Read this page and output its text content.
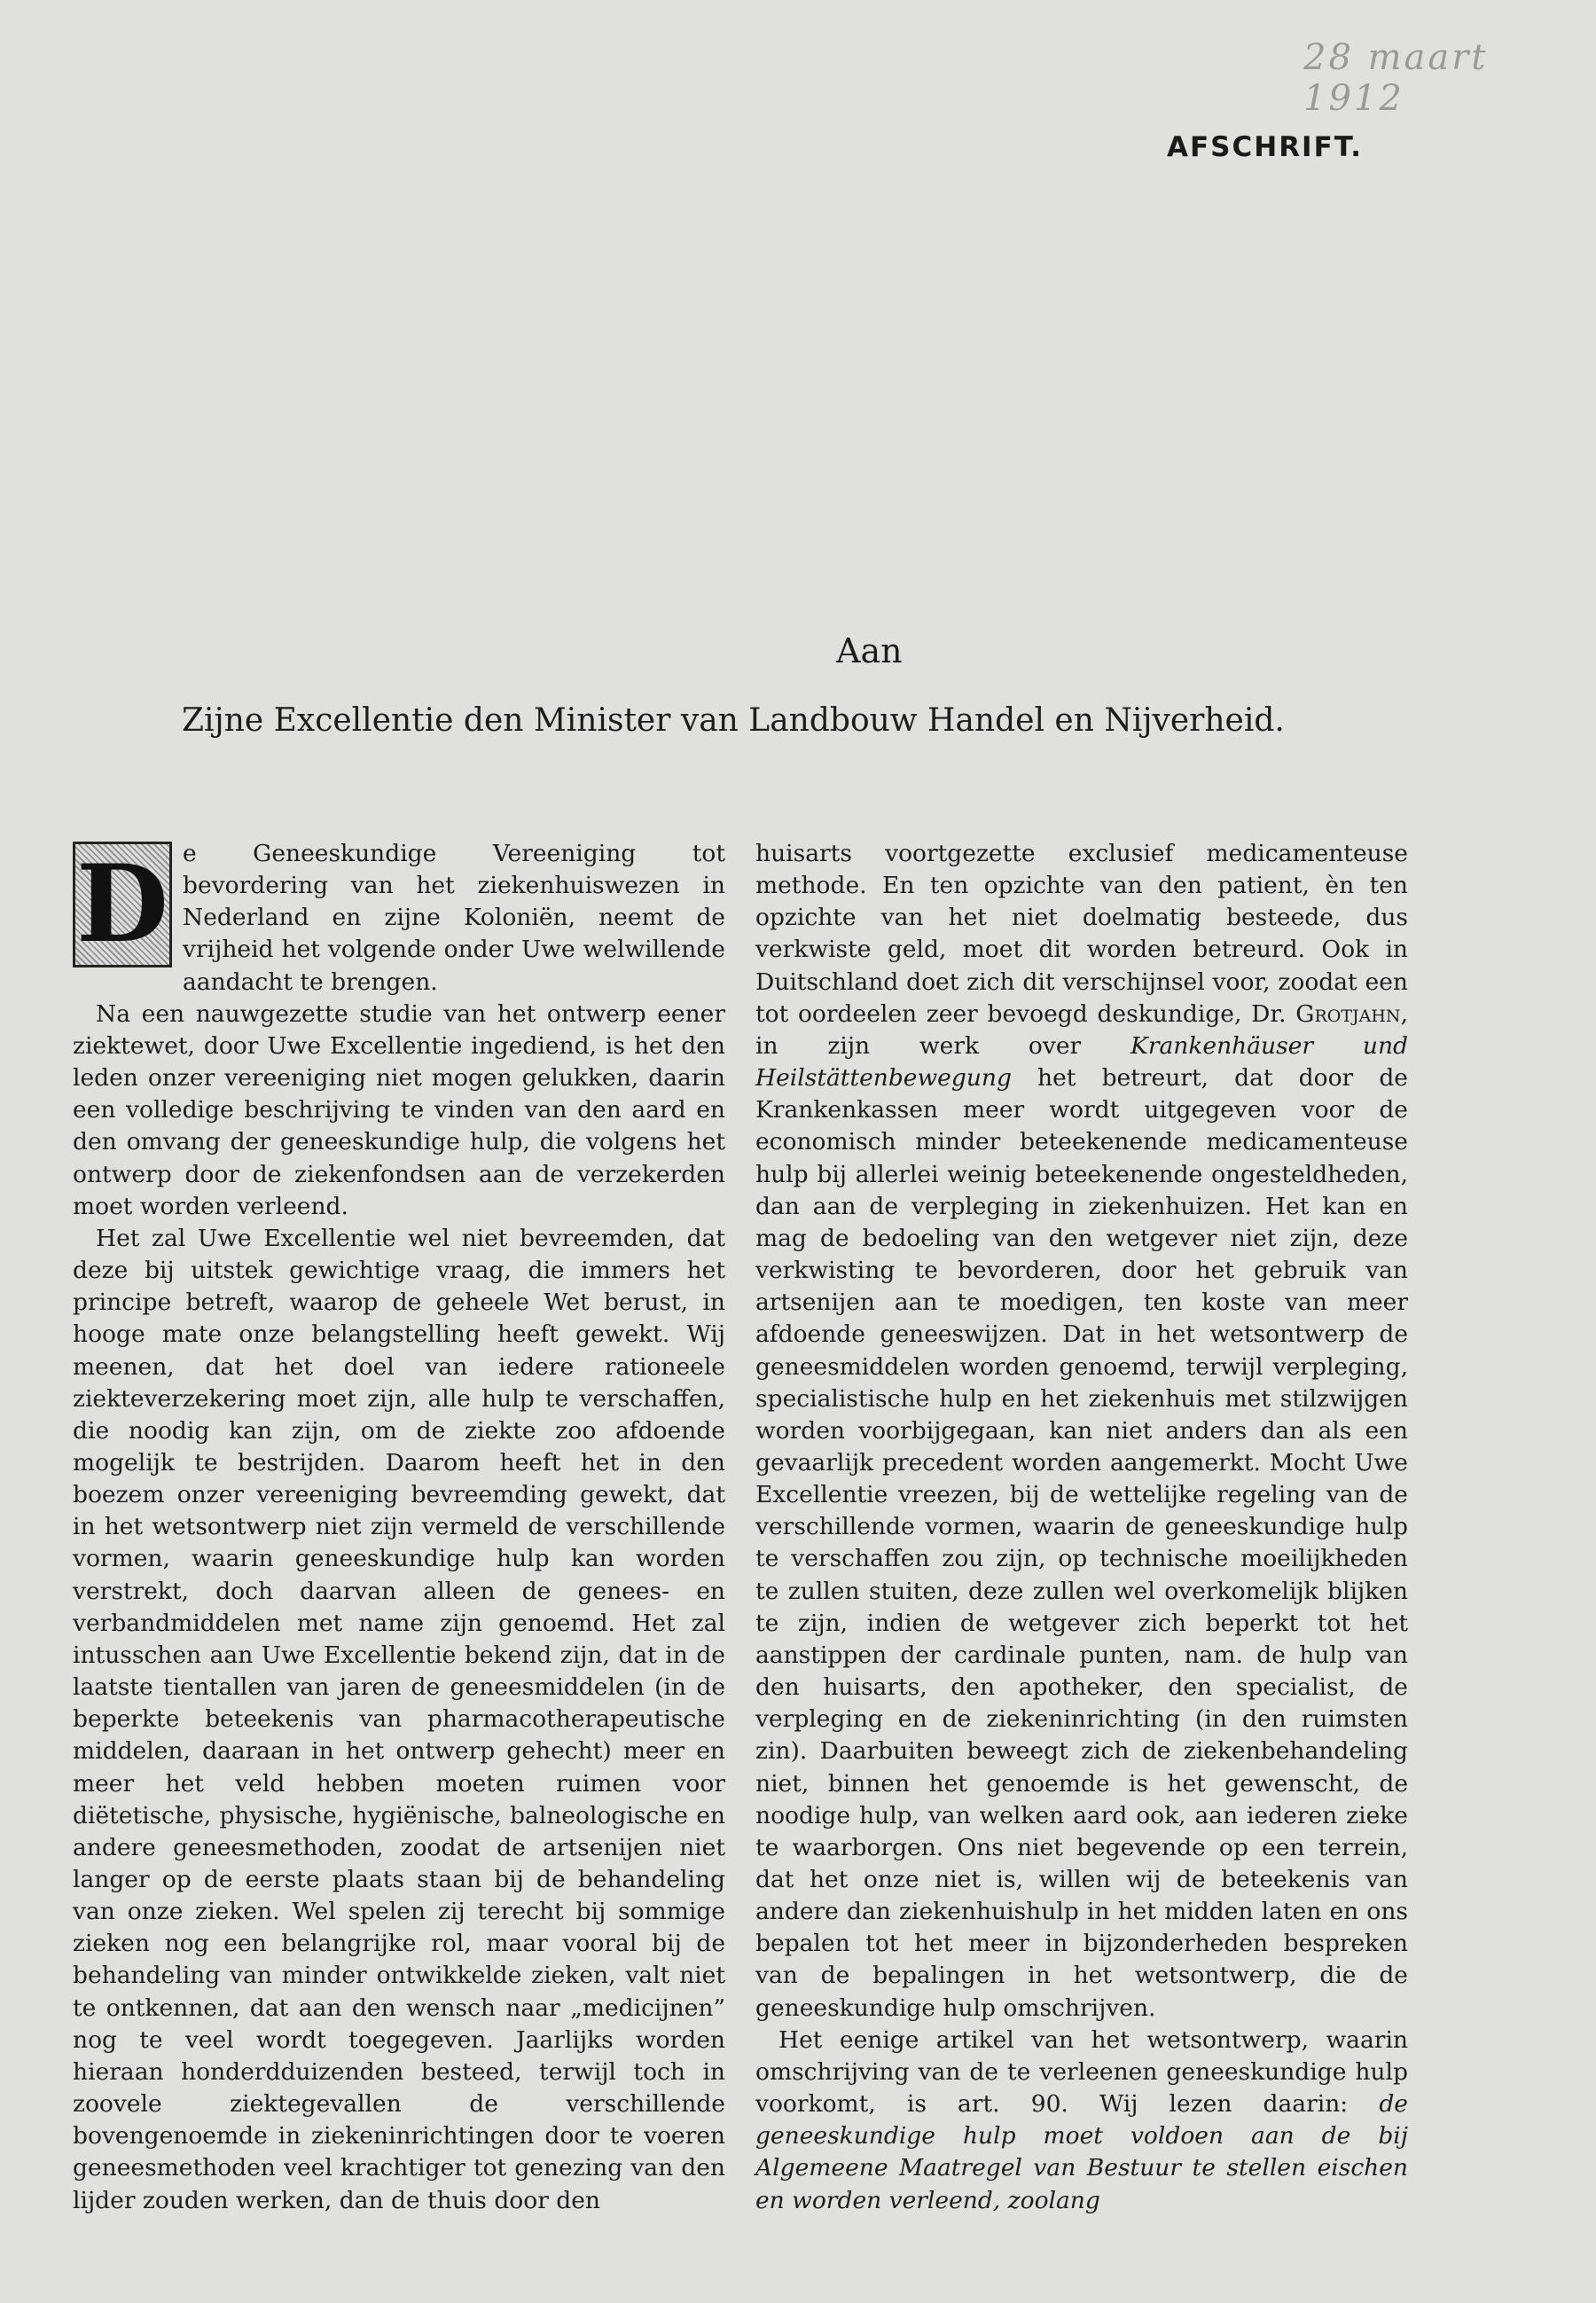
28 maart 1912
AFSCHRIFT.
Aan
Zijne Excellentie den Minister van Landbouw Handel en Nijverheid.

D e Geneeskundige Vereeniging tot bevordering van het ziekenhuiswezen in Nederland en zijne Koloniën, neemt de vrijheid het volgende onder Uwe welwillende aandacht te brengen.

Na een nauwgezette studie van het ontwerp eener ziektewet, door Uwe Excellentie ingediend, is het den leden onzer vereeniging niet mogen gelukken, daarin een volledige beschrijving te vinden van den aard en den omvang der geneeskundige hulp, die volgens het ontwerp door de ziekenfondsen aan de verzekerden moet worden verleend.

Het zal Uwe Excellentie wel niet bevreemden, dat deze bij uitstek gewichtige vraag, die immers het principe betreft, waarop de geheele Wet berust, in hooge mate onze belangstelling heeft gewekt. Wij meenen, dat het doel van iedere rationeele ziekteverzekering moet zijn, alle hulp te verschaffen, die noodig kan zijn, om de ziekte zoo afdoende mogelijk te bestrijden. Daarom heeft het in den boezem onzer vereeniging bevreemding gewekt, dat in het wetsontwerp niet zijn vermeld de verschillende vormen, waarin geneeskundige hulp kan worden verstrekt, doch daarvan alleen de genees- en verbandmiddelen met name zijn genoemd. Het zal intusschen aan Uwe Excellentie bekend zijn, dat in de laatste tientallen van jaren de geneesmiddelen (in de beperkte beteekenis van pharmacotherapeutische middelen, daaraan in het ontwerp gehecht) meer en meer het veld hebben moeten ruimen voor diëtetische, physische, hygiënische, balneologische en andere geneesmethoden, zoodat de artsenijen niet langer op de eerste plaats staan bij de behandeling van onze zieken. Wel spelen zij terecht bij sommige zieken nog een belangrijke rol, maar vooral bij de behandeling van minder ontwikkelde zieken, valt niet te ontkennen, dat aan den wensch naar „medicijnen” nog te veel wordt toegegeven. Jaarlijks worden hieraan honderdduizenden besteed, terwijl toch in zoovele ziektegevallen de verschillende bovengenoemde in ziekeninrichtingen door te voeren geneesmethoden veel krachtiger tot genezing van den lijder zouden werken, dan de thuis door den

huisarts voortgezette exclusief medicamenteuse methode. En ten opzichte van den patient, èn ten opzichte van het niet doelmatig besteede, dus verkwiste geld, moet dit worden betreurd. Ook in Duitschland doet zich dit verschijnsel voor, zoodat een tot oordeelen zeer bevoegd deskundige, Dr. Grotjahn, in zijn werk over Krankenhäuser und Heilstättenbewegung het betreurt, dat door de Krankenkassen meer wordt uitgegeven voor de economisch minder beteekenende medicamenteuse hulp bij allerlei weinig beteekenende ongesteldheden, dan aan de verpleging in ziekenhuizen. Het kan en mag de bedoeling van den wetgever niet zijn, deze verkwisting te bevorderen, door het gebruik van artsenijen aan te moedigen, ten koste van meer afdoende geneeswijzen. Dat in het wetsontwerp de geneesmiddelen worden genoemd, terwijl verpleging, specialistische hulp en het ziekenhuis met stilzwijgen worden voorbijgegaan, kan niet anders dan als een gevaarlijk precedent worden aangemerkt. Mocht Uwe Excellentie vreezen, bij de wettelijke regeling van de verschillende vormen, waarin de geneeskundige hulp te verschaffen zou zijn, op technische moeilijkheden te zullen stuiten, deze zullen wel overkomelijk blijken te zijn, indien de wetgever zich beperkt tot het aanstippen der cardinale punten, nam. de hulp van den huisarts, den apotheker, den specialist, de verpleging en de ziekeninrichting (in den ruimsten zin). Daarbuiten beweegt zich de ziekenbehandeling niet, binnen het genoemde is het gewenscht, de noodige hulp, van welken aard ook, aan iederen zieke te waarborgen. Ons niet begevende op een terrein, dat het onze niet is, willen wij de beteekenis van andere dan ziekenhuishulp in het midden laten en ons bepalen tot het meer in bijzonderheden bespreken van de bepalingen in het wetsontwerp, die de geneeskundige hulp omschrijven.

Het eenige artikel van het wetsontwerp, waarin omschrijving van de te verleenen geneeskundige hulp voorkomt, is art. 90. Wij lezen daarin: de geneeskundige hulp moet voldoen aan de bij Algemeene Maatregel van Bestuur te stellen eischen en worden verleend, zoolang
